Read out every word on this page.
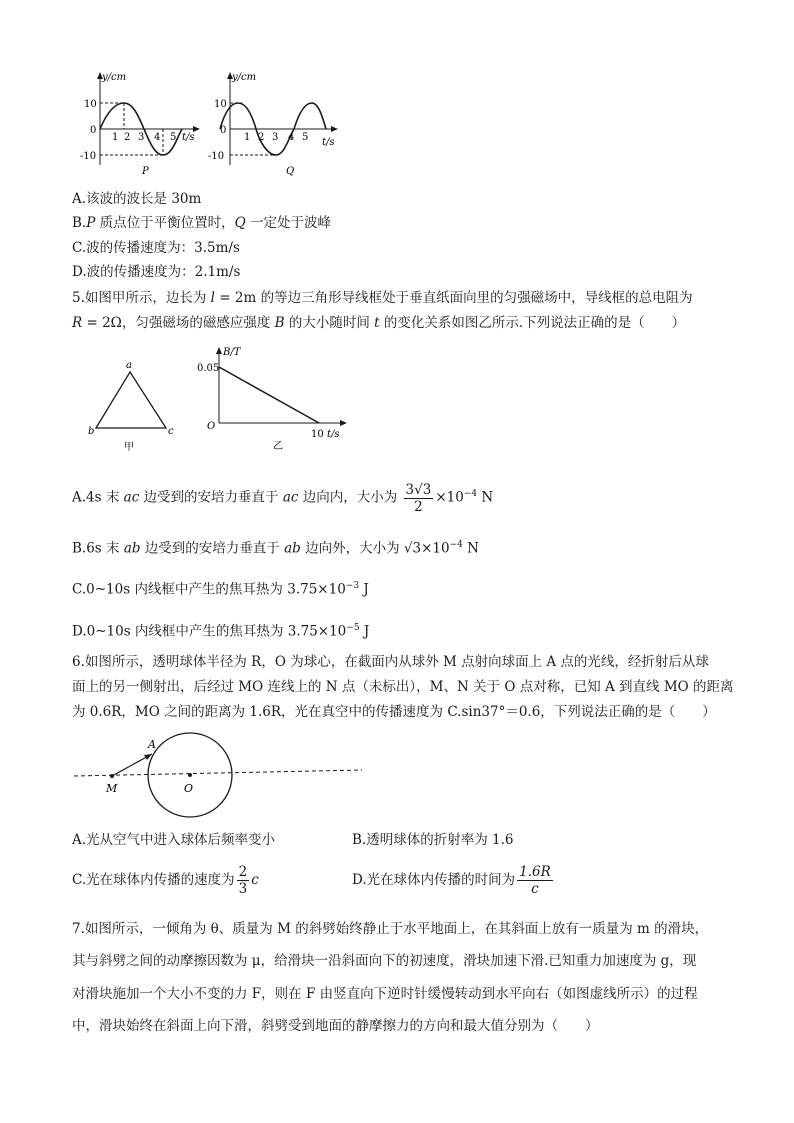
y/cm
t/s
10
-10
0
1 2 3 4 5
P
y/cm
t/s
10
-10
0
1 2 3 4 5
Q
A.该波的波长是 30m
B.P 质点位于平衡位置时，Q 一定处于波峰
C.波的传播速度为：3.5m/s
D.波的传播速度为：2.1m/s
5.如图甲所示，边长为 l = 2m 的等边三角形导线框处于垂直纸面向里的匀强磁场中，导线框的总电阻为
R = 2Ω，匀强磁场的磁感应强度 B 的大小随时间 t 的变化关系如图乙所示.下列说法正确的是（　　）
a
b	c
甲
B/T
0.05
O
10 t/s
乙
A.4s 末 ac 边受到的安培力垂直于 ac 边向内，大小为 $\frac{3√3}{2} \times 10^{-4}$ N
B.6s 末 ab 边受到的安培力垂直于 ab 边向外，大小为 $√3\times 10^{-4}$ N
C.0~10s 内线框中产生的焦耳热为 $3.75\times 10^{-3}$ J
D.0~10s 内线框中产生的焦耳热为 $3.75\times 10^{-5}$ J
6.如图所示，透明球体半径为 R，O 为球心，在截面内从球外 M 点射向球面上 A 点的光线，经折射后从球
面上的另一侧射出，后经过 MO 连线上的 N 点（未标出），M、N 关于 O 点对称，已知 A 到直线 MO 的距离
为 0.6R，MO 之间的距离为 1.6R，光在真空中的传播速度为 C.sin37°＝0.6，下列说法正确的是（　　）
A
M	O
A.光从空气中进入球体后频率变小	B.透明球体的折射率为 1.6
C.光在球体内传播的速度为 $\frac{2}{3}$ c	D.光在球体内传播的时间为 $\frac{1.6R}{c}$
7.如图所示，一倾角为 θ、质量为 M 的斜劈始终静止于水平地面上，在其斜面上放有一质量为 m 的滑块，
其与斜劈之间的动摩擦因数为 μ，给滑块一沿斜面向下的初速度，滑块加速下滑.已知重力加速度为 g，现
对滑块施加一个大小不变的力 F，则在 F 由竖直向下逆时针缓慢转动到水平向右（如图虚线所示）的过程
中，滑块始终在斜面上向下滑，斜劈受到地面的静摩擦力的方向和最大值分别为（　　）
